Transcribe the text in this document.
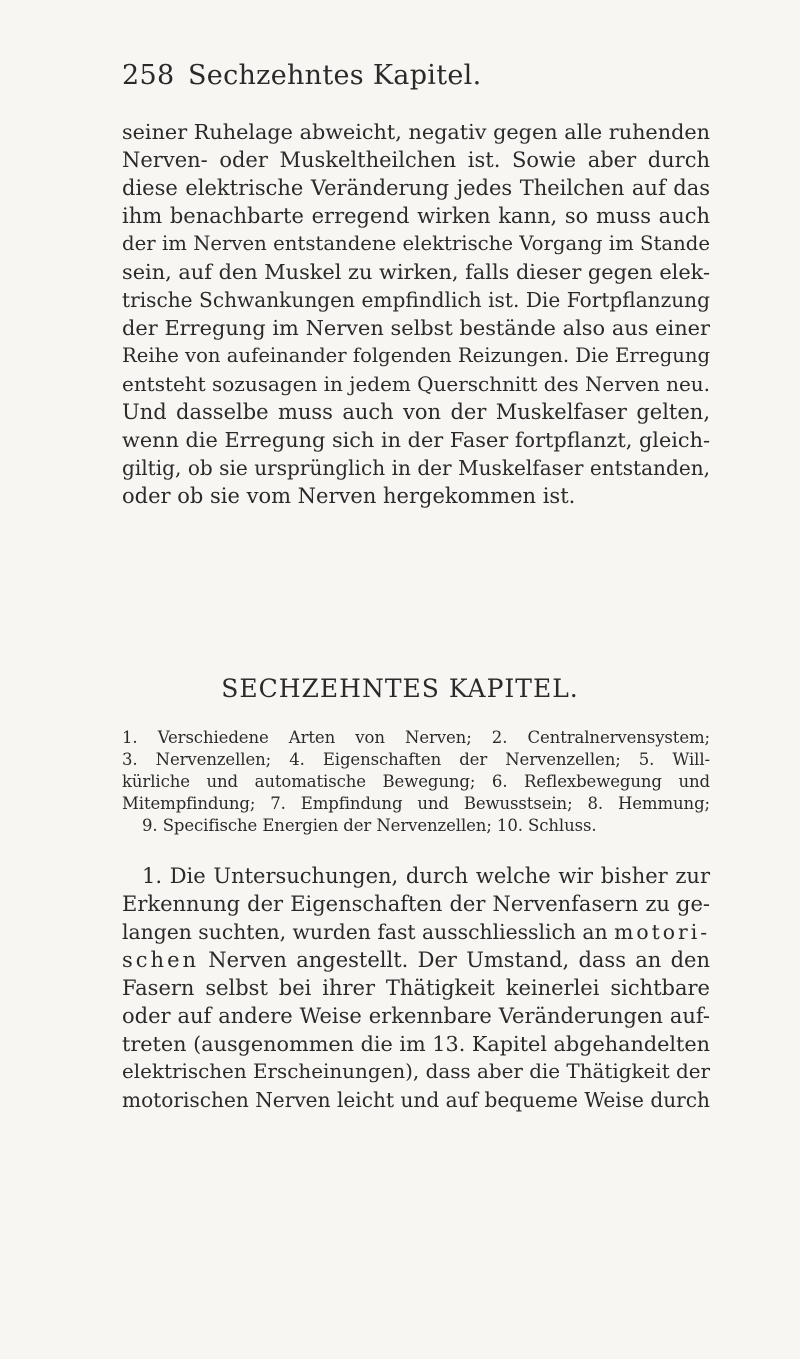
258 Sechzehntes Kapitel.
seiner Ruhelage abweicht, negativ gegen alle ruhenden
Nerven- oder Muskeltheilchen ist. Sowie aber durch
diese elektrische Veränderung jedes Theilchen auf das
ihm benachbarte erregend wirken kann, so muss auch
der im Nerven entstandene elektrische Vorgang im Stande
sein, auf den Muskel zu wirken, falls dieser gegen elek-
trische Schwankungen empfindlich ist. Die Fortpflanzung
der Erregung im Nerven selbst bestände also aus einer
Reihe von aufeinander folgenden Reizungen. Die Erregung
entsteht sozusagen in jedem Querschnitt des Nerven neu.
Und dasselbe muss auch von der Muskelfaser gelten,
wenn die Erregung sich in der Faser fortpflanzt, gleich-
giltig, ob sie ursprünglich in der Muskelfaser entstanden,
oder ob sie vom Nerven hergekommen ist.
SECHZEHNTES KAPITEL.
1. Verschiedene Arten von Nerven; 2. Centralnervensystem;
3. Nervenzellen; 4. Eigenschaften der Nervenzellen; 5. Will-
kürliche und automatische Bewegung; 6. Reflexbewegung und
Mitempfindung; 7. Empfindung und Bewusstsein; 8. Hemmung;
9. Specifische Energien der Nervenzellen; 10. Schluss.
1. Die Untersuchungen, durch welche wir bisher zur
Erkennung der Eigenschaften der Nervenfasern zu ge-
langen suchten, wurden fast ausschliesslich an motori-
schen Nerven angestellt. Der Umstand, dass an den
Fasern selbst bei ihrer Thätigkeit keinerlei sichtbare
oder auf andere Weise erkennbare Veränderungen auf-
treten (ausgenommen die im 13. Kapitel abgehandelten
elektrischen Erscheinungen), dass aber die Thätigkeit der
motorischen Nerven leicht und auf bequeme Weise durch
